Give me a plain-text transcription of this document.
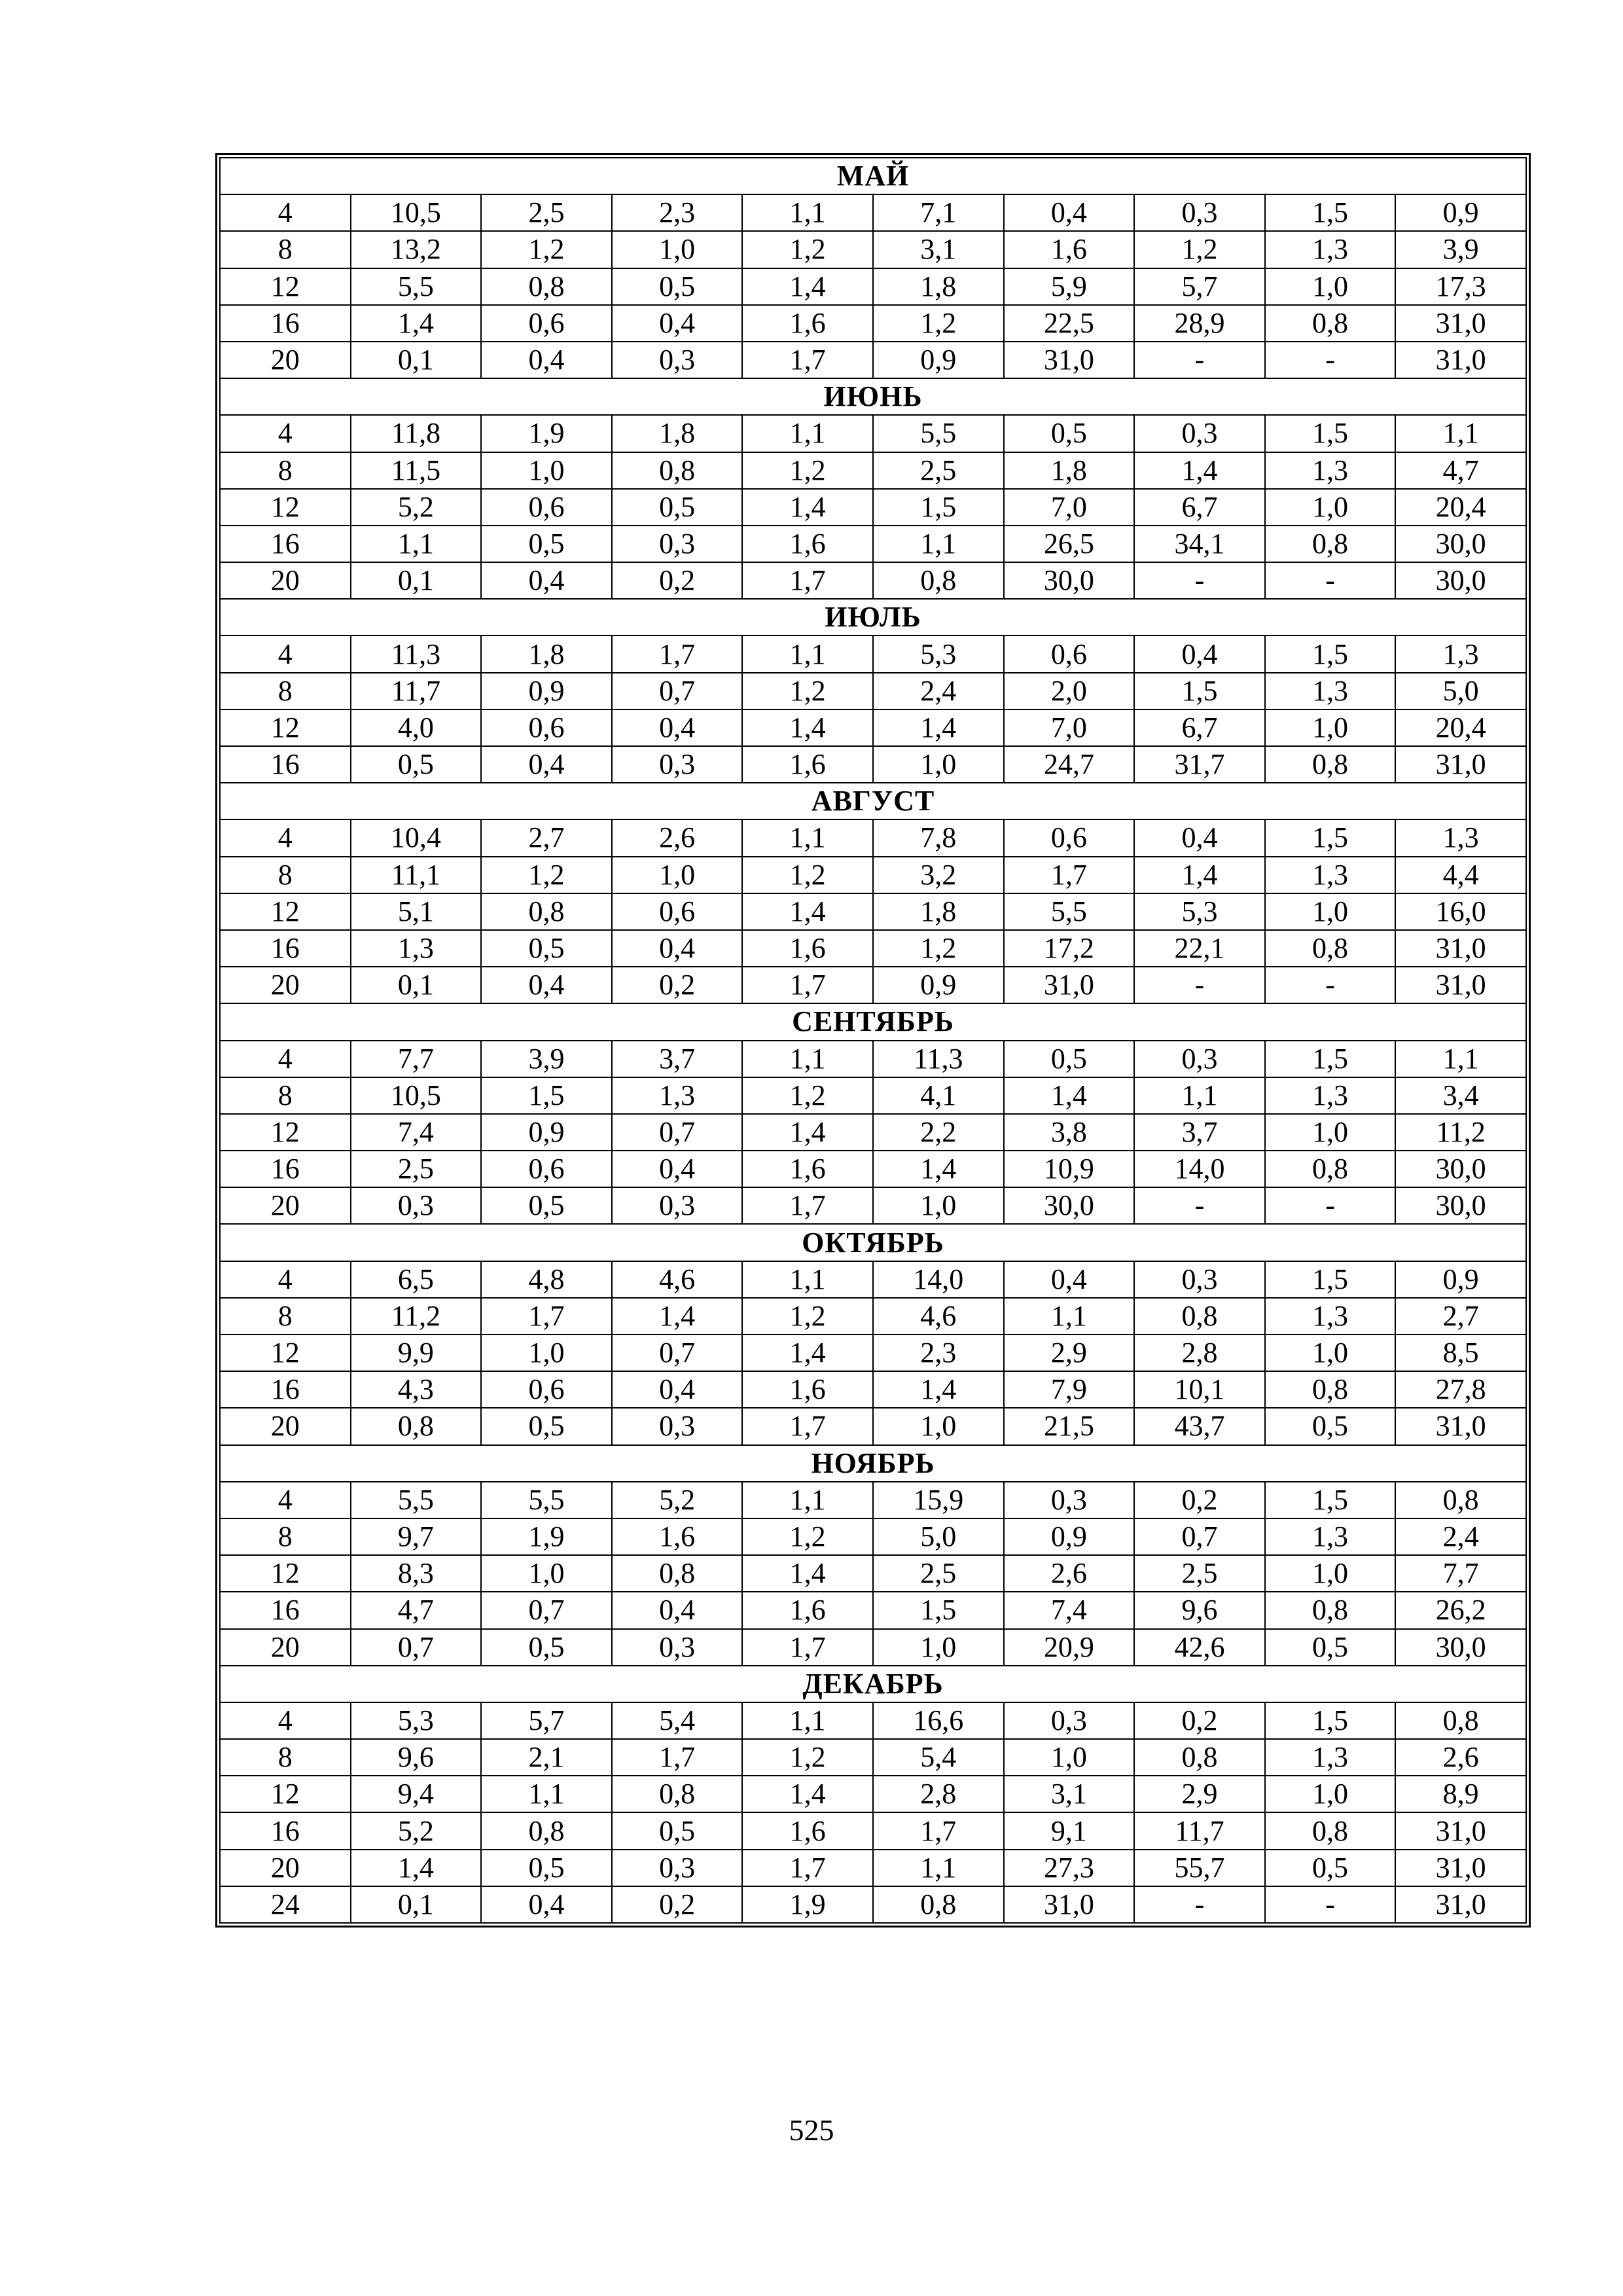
МАЙ									
4	10,5	2,5	2,3	1,1	7,1	0,4	0,3	1,5	0,9
8	13,2	1,2	1,0	1,2	3,1	1,6	1,2	1,3	3,9
12	5,5	0,8	0,5	1,4	1,8	5,9	5,7	1,0	17,3
16	1,4	0,6	0,4	1,6	1,2	22,5	28,9	0,8	31,0
20	0,1	0,4	0,3	1,7	0,9	31,0	-	-	31,0
ИЮНЬ									
4	11,8	1,9	1,8	1,1	5,5	0,5	0,3	1,5	1,1
8	11,5	1,0	0,8	1,2	2,5	1,8	1,4	1,3	4,7
12	5,2	0,6	0,5	1,4	1,5	7,0	6,7	1,0	20,4
16	1,1	0,5	0,3	1,6	1,1	26,5	34,1	0,8	30,0
20	0,1	0,4	0,2	1,7	0,8	30,0	-	-	30,0
ИЮЛЬ									
4	11,3	1,8	1,7	1,1	5,3	0,6	0,4	1,5	1,3
8	11,7	0,9	0,7	1,2	2,4	2,0	1,5	1,3	5,0
12	4,0	0,6	0,4	1,4	1,4	7,0	6,7	1,0	20,4
16	0,5	0,4	0,3	1,6	1,0	24,7	31,7	0,8	31,0
АВГУСТ									
4	10,4	2,7	2,6	1,1	7,8	0,6	0,4	1,5	1,3
8	11,1	1,2	1,0	1,2	3,2	1,7	1,4	1,3	4,4
12	5,1	0,8	0,6	1,4	1,8	5,5	5,3	1,0	16,0
16	1,3	0,5	0,4	1,6	1,2	17,2	22,1	0,8	31,0
20	0,1	0,4	0,2	1,7	0,9	31,0	-	-	31,0
СЕНТЯБРЬ									
4	7,7	3,9	3,7	1,1	11,3	0,5	0,3	1,5	1,1
8	10,5	1,5	1,3	1,2	4,1	1,4	1,1	1,3	3,4
12	7,4	0,9	0,7	1,4	2,2	3,8	3,7	1,0	11,2
16	2,5	0,6	0,4	1,6	1,4	10,9	14,0	0,8	30,0
20	0,3	0,5	0,3	1,7	1,0	30,0	-	-	30,0
ОКТЯБРЬ									
4	6,5	4,8	4,6	1,1	14,0	0,4	0,3	1,5	0,9
8	11,2	1,7	1,4	1,2	4,6	1,1	0,8	1,3	2,7
12	9,9	1,0	0,7	1,4	2,3	2,9	2,8	1,0	8,5
16	4,3	0,6	0,4	1,6	1,4	7,9	10,1	0,8	27,8
20	0,8	0,5	0,3	1,7	1,0	21,5	43,7	0,5	31,0
НОЯБРЬ									
4	5,5	5,5	5,2	1,1	15,9	0,3	0,2	1,5	0,8
8	9,7	1,9	1,6	1,2	5,0	0,9	0,7	1,3	2,4
12	8,3	1,0	0,8	1,4	2,5	2,6	2,5	1,0	7,7
16	4,7	0,7	0,4	1,6	1,5	7,4	9,6	0,8	26,2
20	0,7	0,5	0,3	1,7	1,0	20,9	42,6	0,5	30,0
ДЕКАБРЬ									
4	5,3	5,7	5,4	1,1	16,6	0,3	0,2	1,5	0,8
8	9,6	2,1	1,7	1,2	5,4	1,0	0,8	1,3	2,6
12	9,4	1,1	0,8	1,4	2,8	3,1	2,9	1,0	8,9
16	5,2	0,8	0,5	1,6	1,7	9,1	11,7	0,8	31,0
20	1,4	0,5	0,3	1,7	1,1	27,3	55,7	0,5	31,0
24	0,1	0,4	0,2	1,9	0,8	31,0	-	-	31,0
525
